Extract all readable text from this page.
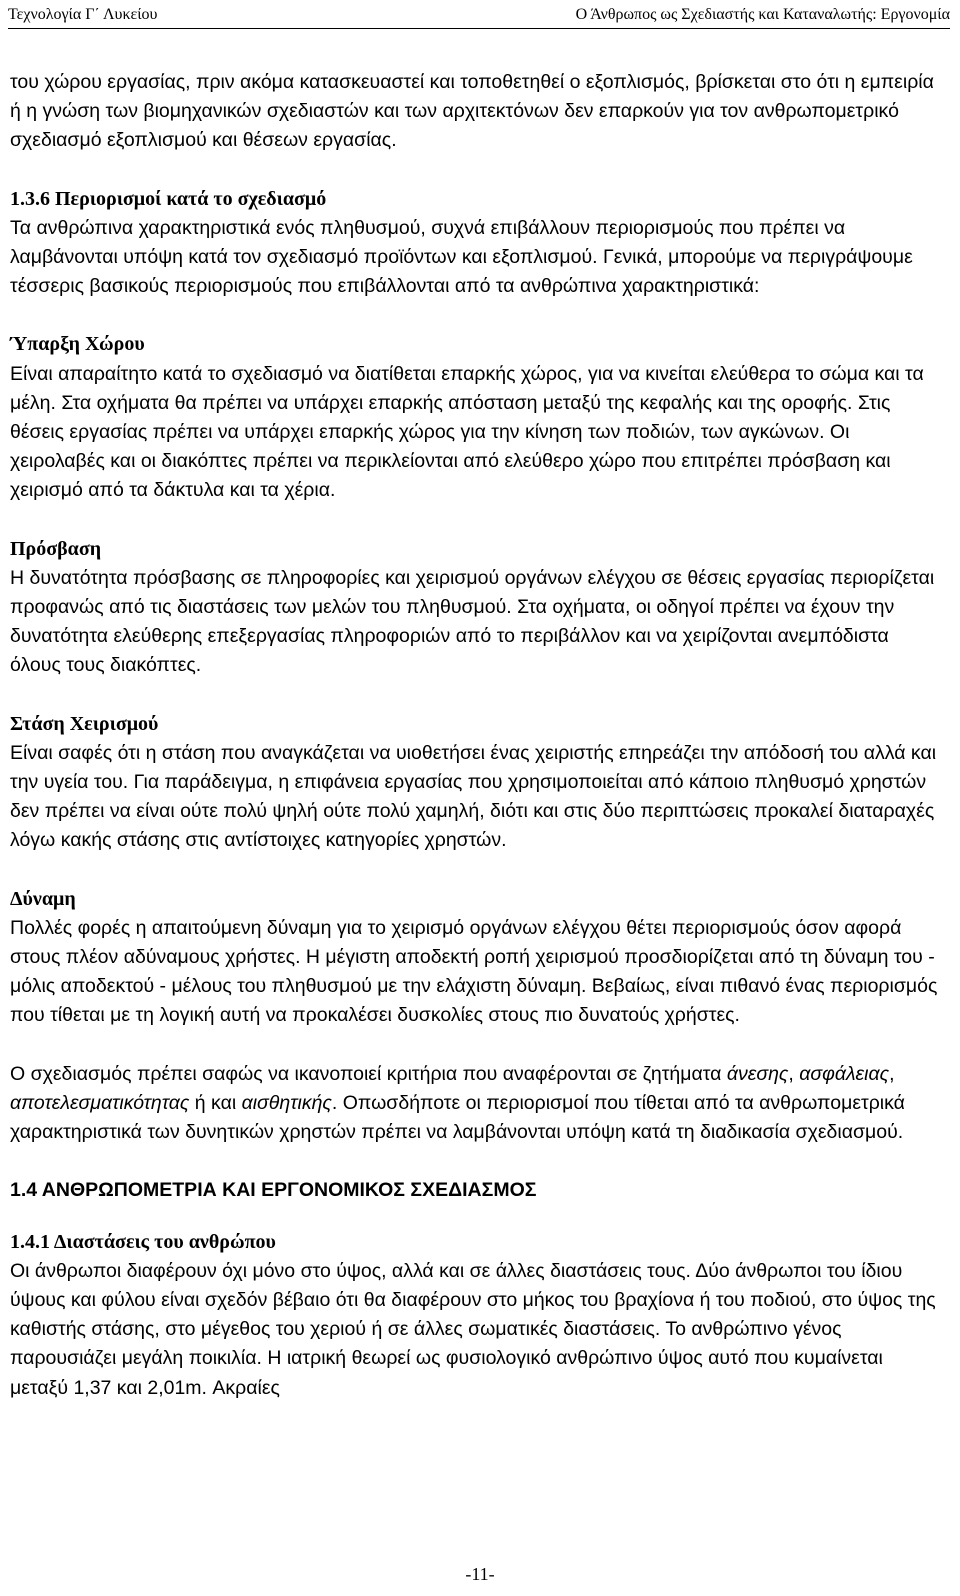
Τεχνολογία Γ΄ Λυκείου	Ο Άνθρωπος ως Σχεδιαστής και Καταναλωτής: Εργονομία

του χώρου εργασίας, πριν ακόμα κατασκευαστεί και τοποθετηθεί ο εξοπλισμός, βρίσκεται στο ότι η εμπειρία ή η γνώση των βιομηχανικών σχεδιαστών και των αρχιτεκτόνων δεν επαρκούν για τον ανθρωπομετρικό σχεδιασμό εξοπλισμού και θέσεων εργασίας.

1.3.6 Περιορισμοί κατά το σχεδιασμό

Τα ανθρώπινα χαρακτηριστικά ενός πληθυσμού, συχνά επιβάλλουν περιορισμούς που πρέπει να λαμβάνονται υπόψη κατά τον σχεδιασμό προϊόντων και εξοπλισμού. Γενικά, μπορούμε να περιγράψουμε τέσσερις βασικούς περιορισμούς που επιβάλλονται από τα ανθρώπινα χαρακτηριστικά:

Ύπαρξη Χώρου

Είναι απαραίτητο κατά το σχεδιασμό να διατίθεται επαρκής χώρος, για να κινείται ελεύθερα το σώμα και τα μέλη. Στα οχήματα θα πρέπει να υπάρχει επαρκής απόσταση μεταξύ της κεφαλής και της οροφής. Στις θέσεις εργασίας πρέπει να υπάρχει επαρκής χώρος για την κίνηση των ποδιών, των αγκώνων. Οι χειρολαβές και οι διακόπτες πρέπει να περικλείονται από ελεύθερο χώρο που επιτρέπει πρόσβαση και χειρισμό από τα δάκτυλα και τα χέρια.

Πρόσβαση

Η δυνατότητα πρόσβασης σε πληροφορίες και χειρισμού οργάνων ελέγχου σε θέσεις εργασίας περιορίζεται προφανώς από τις διαστάσεις των μελών του πληθυσμού. Στα οχήματα, οι οδηγοί πρέπει να έχουν την δυνατότητα ελεύθερης επεξεργασίας πληροφοριών από το περιβάλλον και να χειρίζονται ανεμπόδιστα όλους τους διακόπτες.

Στάση Χειρισμού

Είναι σαφές ότι η στάση που αναγκάζεται να υιοθετήσει ένας χειριστής επηρεάζει την απόδοσή του αλλά και την υγεία του. Για παράδειγμα, η επιφάνεια εργασίας που χρησιμοποιείται από κάποιο πληθυσμό χρηστών δεν πρέπει να είναι ούτε πολύ ψηλή ούτε πολύ χαμηλή, διότι και στις δύο περιπτώσεις προκαλεί διαταραχές λόγω κακής στάσης στις αντίστοιχες κατηγορίες χρηστών.

Δύναμη

Πολλές φορές η απαιτούμενη δύναμη για το χειρισμό οργάνων ελέγχου θέτει περιορισμούς όσον αφορά στους πλέον αδύναμους χρήστες. Η μέγιστη αποδεκτή ροπή χειρισμού προσδιορίζεται από τη δύναμη του - μόλις αποδεκτού - μέλους του πληθυσμού με την ελάχιστη δύναμη. Βεβαίως, είναι πιθανό ένας περιορισμός που τίθεται με τη λογική αυτή να προκαλέσει δυσκολίες στους πιο δυνατούς χρήστες.

Ο σχεδιασμός πρέπει σαφώς να ικανοποιεί κριτήρια που αναφέρονται σε ζητήματα άνεσης, ασφάλειας, αποτελεσματικότητας ή και αισθητικής. Οπωσδήποτε οι περιορισμοί που τίθεται από τα ανθρωπομετρικά χαρακτηριστικά των δυνητικών χρηστών πρέπει να λαμβάνονται υπόψη κατά τη διαδικασία σχεδιασμού.

1.4 ΑΝΘΡΩΠΟΜΕΤΡΙΑ ΚΑΙ ΕΡΓΟΝΟΜΙΚΟΣ ΣΧΕΔΙΑΣΜΟΣ
1.4.1 Διαστάσεις του ανθρώπου

Οι άνθρωποι διαφέρουν όχι μόνο στο ύψος, αλλά και σε άλλες διαστάσεις τους. Δύο άνθρωποι του ίδιου ύψους και φύλου είναι σχεδόν βέβαιο ότι θα διαφέρουν στο μήκος του βραχίονα ή του ποδιού, στο ύψος της καθιστής στάσης, στο μέγεθος του χεριού ή σε άλλες σωματικές διαστάσεις. Το ανθρώπινο γένος παρουσιάζει μεγάλη ποικιλία. Η ιατρική θεωρεί ως φυσιολογικό ανθρώπινο ύψος αυτό που κυμαίνεται μεταξύ 1,37 και 2,01m. Ακραίες

-11-
